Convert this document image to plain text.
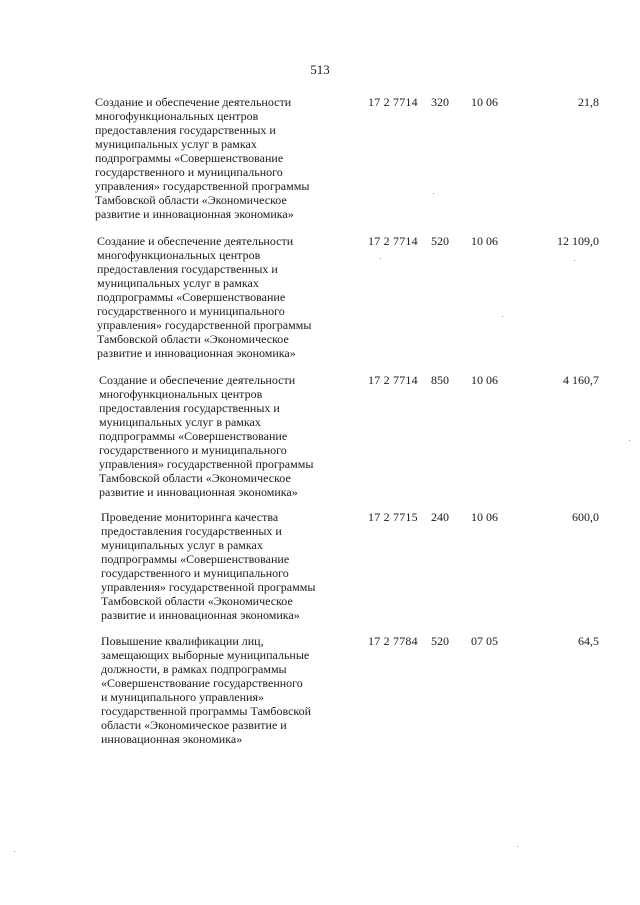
513
Создание и обеспечение деятельности
многофункциональных центров
предоставления государственных и
муниципальных услуг в рамках
подпрограммы «Совершенствование
государственного и муниципального
управления» государственной программы
Тамбовской области «Экономическое
развитие и инновационная экономика»
17 2 7714 320 10 06	21,8
Создание и обеспечение деятельности
многофункциональных центров
предоставления государственных и
муниципальных услуг в рамках
подпрограммы «Совершенствование
государственного и муниципального
управления» государственной программы
Тамбовской области «Экономическое
развитие и инновационная экономика»
17 2 7714 520 10 06	12 109,0
Создание и обеспечение деятельности
многофункциональных центров
предоставления государственных и
муниципальных услуг в рамках
подпрограммы «Совершенствование
государственного и муниципального
управления» государственной программы
Тамбовской области «Экономическое
развитие и инновационная экономика»
17 2 7714 850 10 06	4 160,7
Проведение мониторинга качества
предоставления государственных и
муниципальных услуг в рамках
подпрограммы «Совершенствование
государственного и муниципального
управления» государственной программы
Тамбовской области «Экономическое
развитие и инновационная экономика»
17 2 7715 240 10 06	600,0
Повышение квалификации лиц,
замещающих выборные муниципальные
должности, в рамках подпрограммы
«Совершенствование государственного
и муниципального управления»
государственной программы Тамбовской
области «Экономическое развитие и
инновационная экономика»
17 2 7784 520 07 05	64,5
